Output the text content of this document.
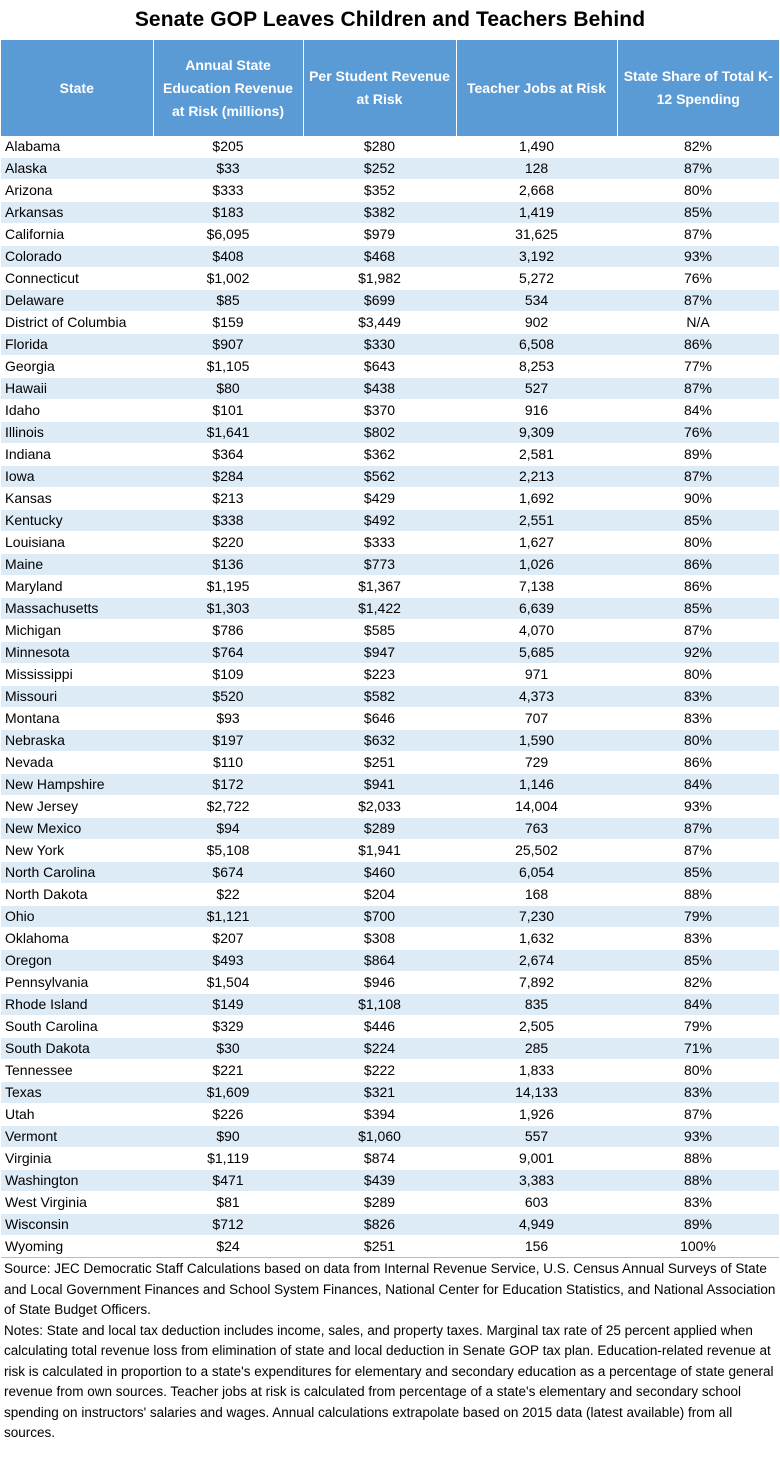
Senate GOP Leaves Children and Teachers Behind
State	Annual State Education Revenue at Risk (millions)	Per Student Revenue at Risk	Teacher Jobs at Risk	State Share of Total K-12 Spending
Alabama	$205	$280	1,490	82%
Alaska	$33	$252	128	87%
Arizona	$333	$352	2,668	80%
Arkansas	$183	$382	1,419	85%
California	$6,095	$979	31,625	87%
Colorado	$408	$468	3,192	93%
Connecticut	$1,002	$1,982	5,272	76%
Delaware	$85	$699	534	87%
District of Columbia	$159	$3,449	902	N/A
Florida	$907	$330	6,508	86%
Georgia	$1,105	$643	8,253	77%
Hawaii	$80	$438	527	87%
Idaho	$101	$370	916	84%
Illinois	$1,641	$802	9,309	76%
Indiana	$364	$362	2,581	89%
Iowa	$284	$562	2,213	87%
Kansas	$213	$429	1,692	90%
Kentucky	$338	$492	2,551	85%
Louisiana	$220	$333	1,627	80%
Maine	$136	$773	1,026	86%
Maryland	$1,195	$1,367	7,138	86%
Massachusetts	$1,303	$1,422	6,639	85%
Michigan	$786	$585	4,070	87%
Minnesota	$764	$947	5,685	92%
Mississippi	$109	$223	971	80%
Missouri	$520	$582	4,373	83%
Montana	$93	$646	707	83%
Nebraska	$197	$632	1,590	80%
Nevada	$110	$251	729	86%
New Hampshire	$172	$941	1,146	84%
New Jersey	$2,722	$2,033	14,004	93%
New Mexico	$94	$289	763	87%
New York	$5,108	$1,941	25,502	87%
North Carolina	$674	$460	6,054	85%
North Dakota	$22	$204	168	88%
Ohio	$1,121	$700	7,230	79%
Oklahoma	$207	$308	1,632	83%
Oregon	$493	$864	2,674	85%
Pennsylvania	$1,504	$946	7,892	82%
Rhode Island	$149	$1,108	835	84%
South Carolina	$329	$446	2,505	79%
South Dakota	$30	$224	285	71%
Tennessee	$221	$222	1,833	80%
Texas	$1,609	$321	14,133	83%
Utah	$226	$394	1,926	87%
Vermont	$90	$1,060	557	93%
Virginia	$1,119	$874	9,001	88%
Washington	$471	$439	3,383	88%
West Virginia	$81	$289	603	83%
Wisconsin	$712	$826	4,949	89%
Wyoming	$24	$251	156	100%

Source: JEC Democratic Staff Calculations based on data from Internal Revenue Service, U.S. Census Annual Surveys of State and Local Government Finances and School System Finances, National Center for Education Statistics, and National Association of State Budget Officers.

Notes: State and local tax deduction includes income, sales, and property taxes. Marginal tax rate of 25 percent applied when calculating total revenue loss from elimination of state and local deduction in Senate GOP tax plan. Education-related revenue at risk is calculated in proportion to a state's expenditures for elementary and secondary education as a percentage of state general revenue from own sources. Teacher jobs at risk is calculated from percentage of a state's elementary and secondary school spending on instructors' salaries and wages. Annual calculations extrapolate based on 2015 data (latest available) from all sources.
